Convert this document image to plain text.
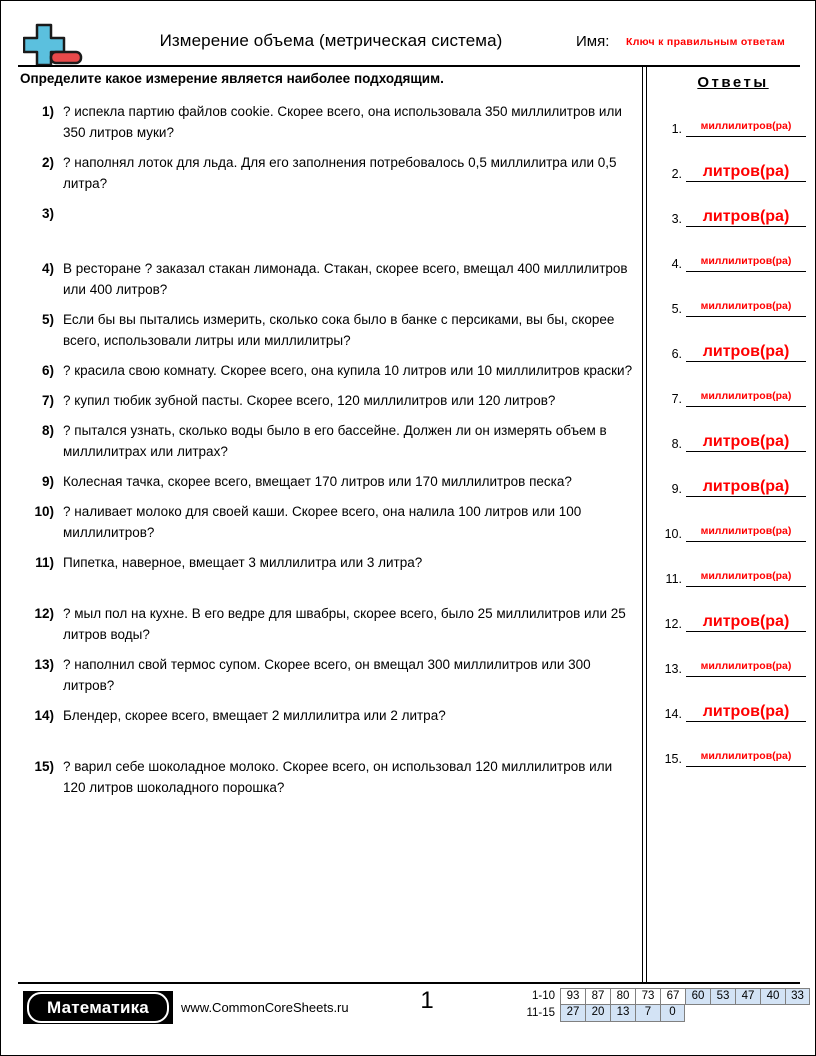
Измерение объема (метрическая система)	Имя: Ключ к правильным ответам
Определите какое измерение является наиболее подходящим.
1) ? испекла партию файлов cookie. Скорее всего, она использовала 350 миллилитров или 350 литров муки?
2) ? наполнял лоток для льда. Для его заполнения потребовалось 0,5 миллилитра или 0,5 литра?
3)
4) В ресторане ? заказал стакан лимонада. Стакан, скорее всего, вмещал 400 миллилитров или 400 литров?
5) Если бы вы пытались измерить, сколько сока было в банке с персиками, вы бы, скорее всего, использовали литры или миллилитры?
6) ? красила свою комнату. Скорее всего, она купила 10 литров или 10 миллилитров краски?
7) ? купил тюбик зубной пасты. Скорее всего, 120 миллилитров или 120 литров?
8) ? пытался узнать, сколько воды было в его бассейне. Должен ли он измерять объем в миллилитрах или литрах?
9) Колесная тачка, скорее всего, вмещает 170 литров или 170 миллилитров песка?
10) ? наливает молоко для своей каши. Скорее всего, она налила 100 литров или 100 миллилитров?
11) Пипетка, наверное, вмещает 3 миллилитра или 3 литра?
12) ? мыл пол на кухне. В его ведре для швабры, скорее всего, было 25 миллилитров или 25 литров воды?
13) ? наполнил свой термос супом. Скорее всего, он вмещал 300 миллилитров или 300 литров?
14) Блендер, скорее всего, вмещает 2 миллилитра или 2 литра?
15) ? варил себе шоколадное молоко. Скорее всего, он использовал 120 миллилитров или 120 литров шоколадного порошка?
Ответы
1.	миллилитров(ра)
2.	литров(ра)
3.	литров(ра)
4.	миллилитров(ра)
5.	миллилитров(ра)
6.	литров(ра)
7.	миллилитров(ра)
8.	литров(ра)
9.	литров(ра)
10.	миллилитров(ра)
11.	миллилитров(ра)
12.	литров(ра)
13.	миллилитров(ра)
14.	литров(ра)
15.	миллилитров(ра)
Математика	www.CommonCoreSheets.ru	1	1-10	93	87	80	73	67	60	53	47	40	33
11-15	27	20	13	7	0
